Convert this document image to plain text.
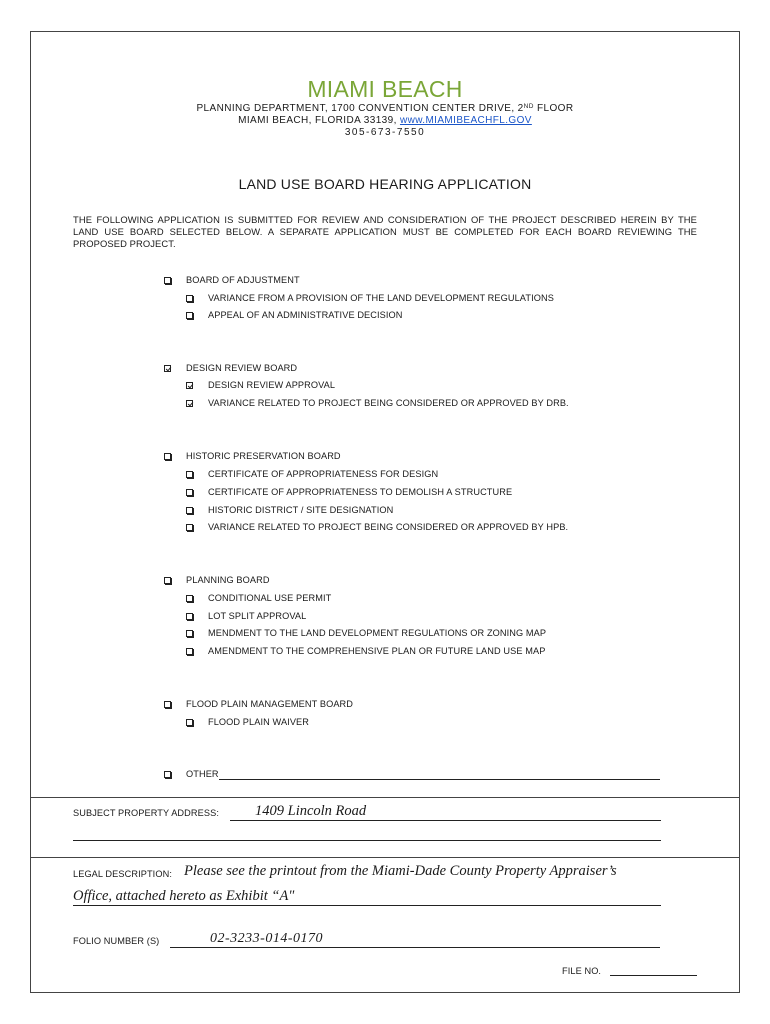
MIAMI BEACH
PLANNING DEPARTMENT, 1700 CONVENTION CENTER DRIVE, 2ND FLOOR
MIAMI BEACH, FLORIDA 33139, www.MIAMIBEACHFL.GOV
305-673-7550
LAND USE BOARD HEARING APPLICATION
THE FOLLOWING APPLICATION IS SUBMITTED FOR REVIEW AND CONSIDERATION OF THE PROJECT DESCRIBED HEREIN BY THE LAND USE BOARD SELECTED BELOW. A SEPARATE APPLICATION MUST BE COMPLETED FOR EACH BOARD REVIEWING THE PROPOSED PROJECT.
BOARD OF ADJUSTMENT
VARIANCE FROM A PROVISION OF THE LAND DEVELOPMENT REGULATIONS
APPEAL OF AN ADMINISTRATIVE DECISION
DESIGN REVIEW BOARD
DESIGN REVIEW APPROVAL
VARIANCE RELATED TO PROJECT BEING CONSIDERED OR APPROVED BY DRB.
HISTORIC PRESERVATION BOARD
CERTIFICATE OF APPROPRIATENESS FOR DESIGN
CERTIFICATE OF APPROPRIATENESS TO DEMOLISH A STRUCTURE
HISTORIC DISTRICT / SITE DESIGNATION
VARIANCE RELATED TO PROJECT BEING CONSIDERED OR APPROVED BY HPB.
PLANNING BOARD
CONDITIONAL USE PERMIT
LOT SPLIT APPROVAL
MENDMENT TO THE LAND DEVELOPMENT REGULATIONS OR ZONING MAP
AMENDMENT TO THE COMPREHENSIVE PLAN OR FUTURE LAND USE MAP
FLOOD PLAIN MANAGEMENT BOARD
FLOOD PLAIN WAIVER
OTHER
SUBJECT PROPERTY ADDRESS: 1409 Lincoln Road
LEGAL DESCRIPTION: Please see the printout from the Miami-Dade County Property Appraiser’s
Office, attached hereto as Exhibit “A"
FOLIO NUMBER (S)	02-3233-014-0170
FILE NO.
